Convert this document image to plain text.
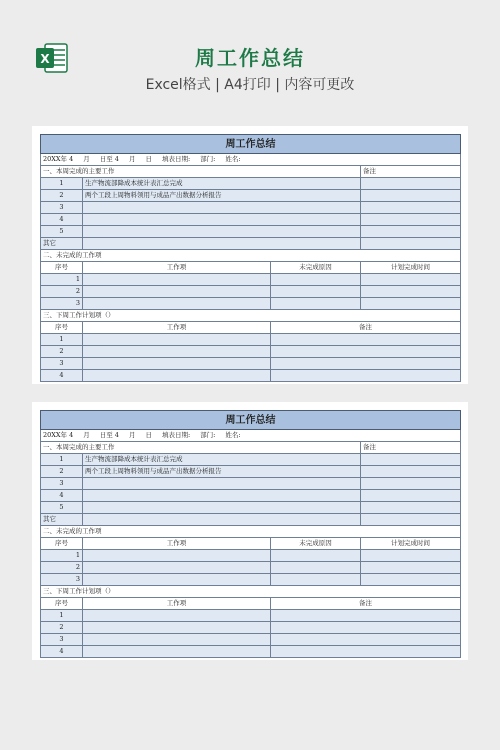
X	周工作总结
Excel格式 | A4打印 | 内容可更改
周工作总结			
20XX年 4 月 日至 4 月 日 填表日期: 部门: 姓名:			
一、本周完成的主要工作			备注
1	生产物流部降成本统计表汇总完成		
2	两个工段上周物料领用与成品产出数据分析报告		
3			
4			
5			
其它			
二、未完成的工作项			
序号	工作项	未完成原因	计划完成时间
1			
2			
3			
三、下周工作计划项（）			
序号	工作项	备注	
1			
2			
3			
4			
周工作总结			
20XX年 4 月 日至 4 月 日 填表日期: 部门: 姓名:			
一、本周完成的主要工作			备注
1	生产物流部降成本统计表汇总完成		
2	两个工段上周物料领用与成品产出数据分析报告		
3			
4			
5			
其它			
二、未完成的工作项			
序号	工作项	未完成原因	计划完成时间
1			
2			
3			
三、下周工作计划项（）			
序号	工作项	备注	
1			
2			
3			
4			
